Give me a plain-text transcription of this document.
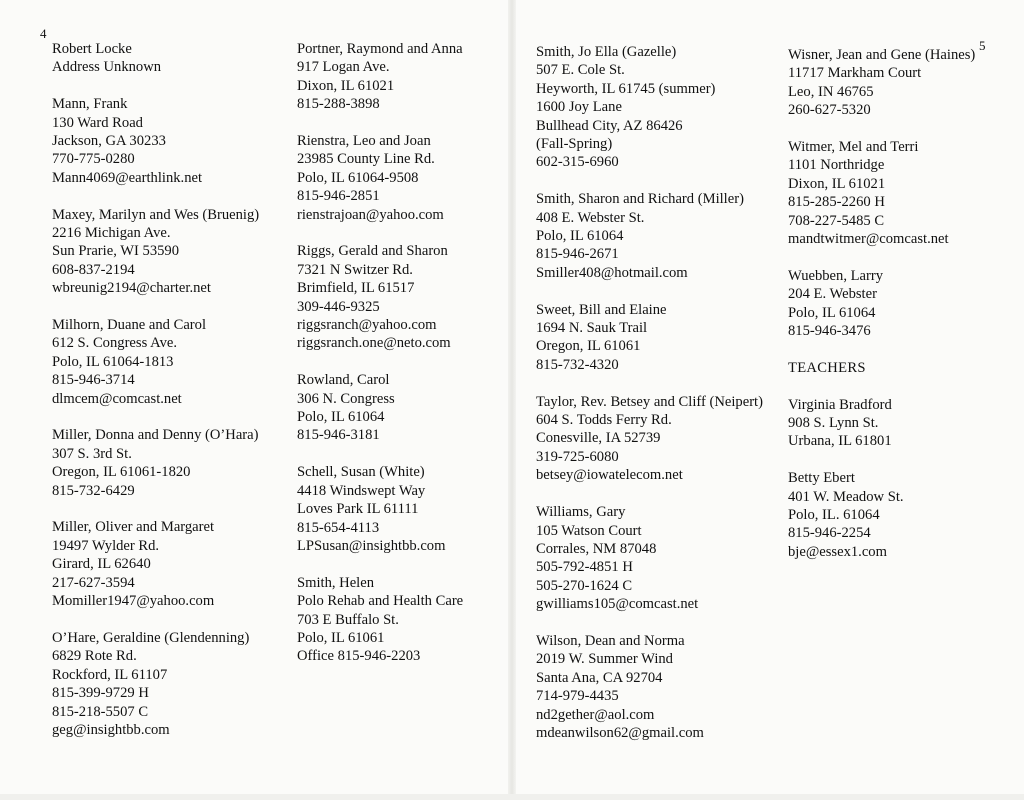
4
Robert Locke
Address Unknown
Mann, Frank
130 Ward Road
Jackson, GA 30233
770-775-0280
Mann4069@earthlink.net
Maxey, Marilyn and Wes (Bruenig)
2216 Michigan Ave.
Sun Prarie, WI 53590
608-837-2194
wbreunig2194@charter.net
Milhorn, Duane and Carol
612 S. Congress Ave.
Polo, IL 61064-1813
815-946-3714
dlmcem@comcast.net
Miller, Donna and Denny (O’Hara)
307 S. 3rd St.
Oregon, IL 61061-1820
815-732-6429
Miller, Oliver and Margaret
19497 Wylder Rd.
Girard, IL 62640
217-627-3594
Momiller1947@yahoo.com
O’Hare, Geraldine (Glendenning)
6829 Rote Rd.
Rockford, IL 61107
815-399-9729 H
815-218-5507 C
geg@insightbb.com
Portner, Raymond and Anna
917 Logan Ave.
Dixon, IL 61021
815-288-3898
Rienstra, Leo and Joan
23985 County Line Rd.
Polo, IL 61064-9508
815-946-2851
rienstrajoan@yahoo.com
Riggs, Gerald and Sharon
7321 N Switzer Rd.
Brimfield, IL 61517
309-446-9325
riggsranch@yahoo.com
riggsranch.one@neto.com
Rowland, Carol
306 N. Congress
Polo, IL 61064
815-946-3181
Schell, Susan (White)
4418 Windswept Way
Loves Park IL 61111
815-654-4113
LPSusan@insightbb.com
Smith, Helen
Polo Rehab and Health Care
703 E Buffalo St.
Polo, IL 61061
Office 815-946-2203
5
Smith, Jo Ella (Gazelle)
507 E. Cole St.
Heyworth, IL 61745 (summer)
1600 Joy Lane
Bullhead City, AZ 86426
(Fall-Spring)
602-315-6960
Smith, Sharon and Richard (Miller)
408 E. Webster St.
Polo, IL 61064
815-946-2671
Smiller408@hotmail.com
Sweet, Bill and Elaine
1694 N. Sauk Trail
Oregon, IL 61061
815-732-4320
Taylor, Rev. Betsey and Cliff (Neipert)
604 S. Todds Ferry Rd.
Conesville, IA 52739
319-725-6080
betsey@iowatelecom.net
Williams, Gary
105 Watson Court
Corrales, NM 87048
505-792-4851 H
505-270-1624 C
gwilliams105@comcast.net
Wilson, Dean and Norma
2019 W. Summer Wind
Santa Ana, CA 92704
714-979-4435
nd2gether@aol.com
mdeanwilson62@gmail.com
Wisner, Jean and Gene (Haines)
11717 Markham Court
Leo, IN 46765
260-627-5320
Witmer, Mel and Terri
1101 Northridge
Dixon, IL 61021
815-285-2260 H
708-227-5485 C
mandtwitmer@comcast.net
Wuebben, Larry
204 E. Webster
Polo, IL 61064
815-946-3476
TEACHERS
Virginia Bradford
908 S. Lynn St.
Urbana, IL 61801
Betty Ebert
401 W. Meadow St.
Polo, IL. 61064
815-946-2254
bje@essex1.com
